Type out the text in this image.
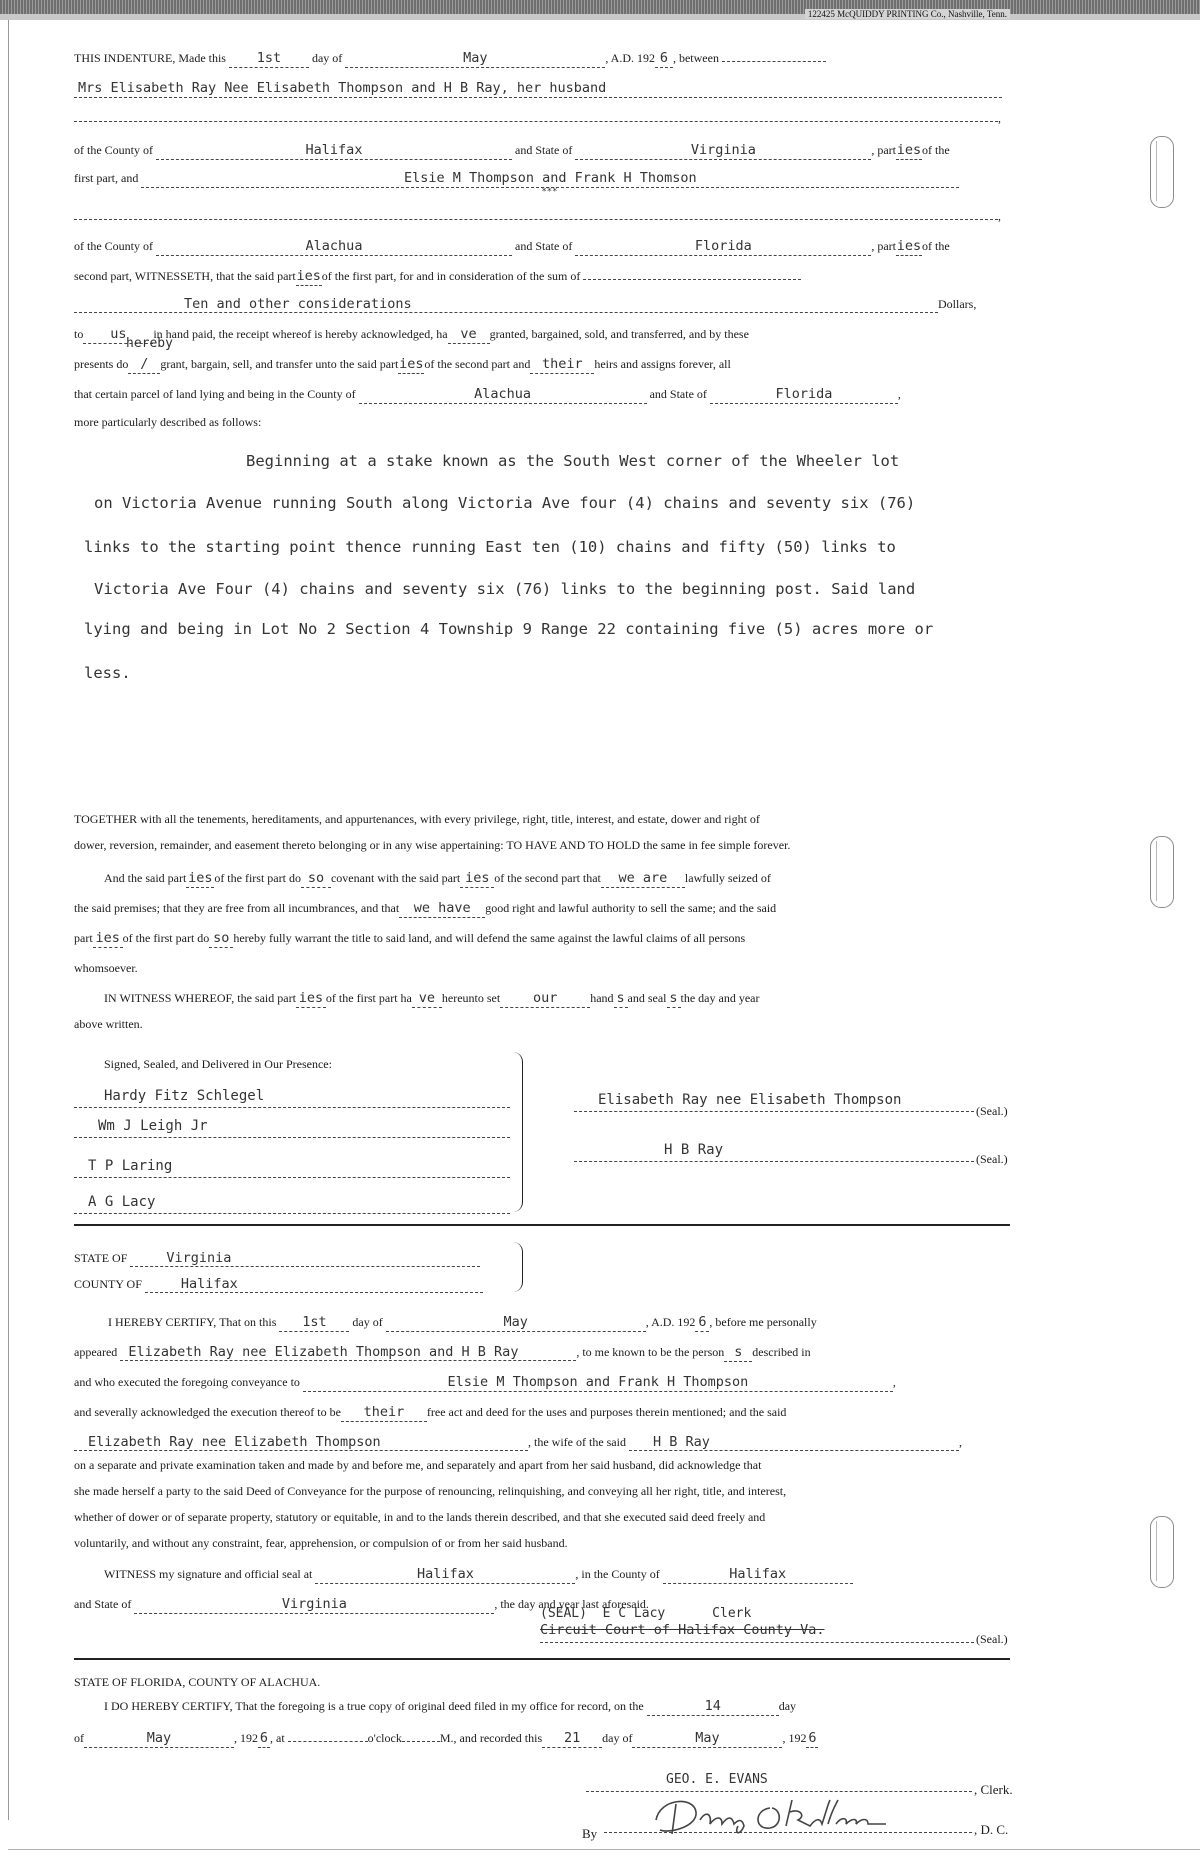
122425 McQUIDDY PRINTING Co., Nashville, Tenn.
THIS INDENTURE, Made this 1st	day of	May	, A.D. 192 6 , between
Mrs Elisabeth Ray Nee Elisabeth Thompson and H B Ray, her husband
,
of the County of	Halifax	and State of	Virginia	, partiesof the
first part, and	Elsie M Thompson and Frank H Thomson
***
,
of the County of	Alachua	and State of	Florida	, partiesof the
second part, WITNESSETH, that the said partiesof the first part, for and in consideration of the sum of
Ten and other considerations	Dollars,
to us in hand paid, the receipt whereof is hereby acknowledged, ha ve granted, bargained, sold, and transferred, and by these
hereby
presents do / grant, bargain, sell, and transfer unto the said partiesof the second part and their heirs and assigns forever, all
that certain parcel of land lying and being in the County of	Alachua	and State of	Florida	,
more particularly described as follows:
Beginning at a stake known as the South West corner of the Wheeler lot
on Victoria Avenue running South along Victoria Ave four (4) chains and seventy six (76)
links to the starting point thence running East ten (10) chains and fifty (50) links to
Victoria Ave Four (4) chains and seventy six (76) links to the beginning post. Said land
lying and being in Lot No 2 Section 4 Township 9 Range 22 containing five (5) acres more or
less.
TOGETHER with all the tenements, hereditaments, and appurtenances, with every privilege, right, title, interest, and estate, dower and right of
dower, reversion, remainder, and easement thereto belonging or in any wise appertaining: TO HAVE AND TO HOLD the same in fee simple forever.
And the said part ies of the first part do so covenant with the said part ies of the second part that we are lawfully seized of
the said premises; that they are free from all incumbrances, and that we have good right and lawful authority to sell the same; and the said
part ies of the first part do so hereby fully warrant the title to said land, and will defend the same against the lawful claims of all persons
whomsoever.
IN WITNESS WHEREOF, the said part ies of the first part ha ve hereunto set our	hand s and seal s the day and year
above written.
Signed, Sealed, and Delivered in Our Presence:
Hardy Fitz Schlegel
Wm J Leigh Jr
T P Laring
A G Lacy
Elisabeth Ray nee Elisabeth Thompson
(Seal.)
H B Ray
(Seal.)
STATE OF	Virginia
COUNTY OF	Halifax
I HEREBY CERTIFY, That on this 1st day of	May	, A.D. 192 6 , before me personally
appeared Elizabeth Ray nee Elizabeth Thompson and H B Ray	, to me known to be the person s described in
and who executed the foregoing conveyance to	Elsie M Thompson and Frank H Thompson	,
and severally acknowledged the execution thereof to be their free act and deed for the uses and purposes therein mentioned; and the said
Elizabeth Ray nee Elizabeth Thompson	, the wife of the said H B Ray	,
on a separate and private examination taken and made by and before me, and separately and apart from her said husband, did acknowledge that
she made herself a party to the said Deed of Conveyance for the purpose of renouncing, relinquishing, and conveying all her right, title, and interest,
whether of dower or of separate property, statutory or equitable, in and to the lands therein described, and that she executed said deed freely and
voluntarily, and without any constraint, fear, apprehension, or compulsion of or from her said husband.
WITNESS my signature and official seal at	Halifax	, in the County of	Halifax
and State of	Virginia	, the day and year last aforesaid.
(SEAL)  E C Lacy      Clerk
Circuit Court of Halifax County Va.
(Seal.)
STATE OF FLORIDA, COUNTY OF ALACHUA.
I DO HEREBY CERTIFY, That the foregoing is a true copy of original deed filed in my office for record, on the	14	day
of	May	, 192 6 , at	o'clock	M., and recorded this 21 day of	May	, 192 6
GEO. E. EVANS
, Clerk.
By	, D. C.
